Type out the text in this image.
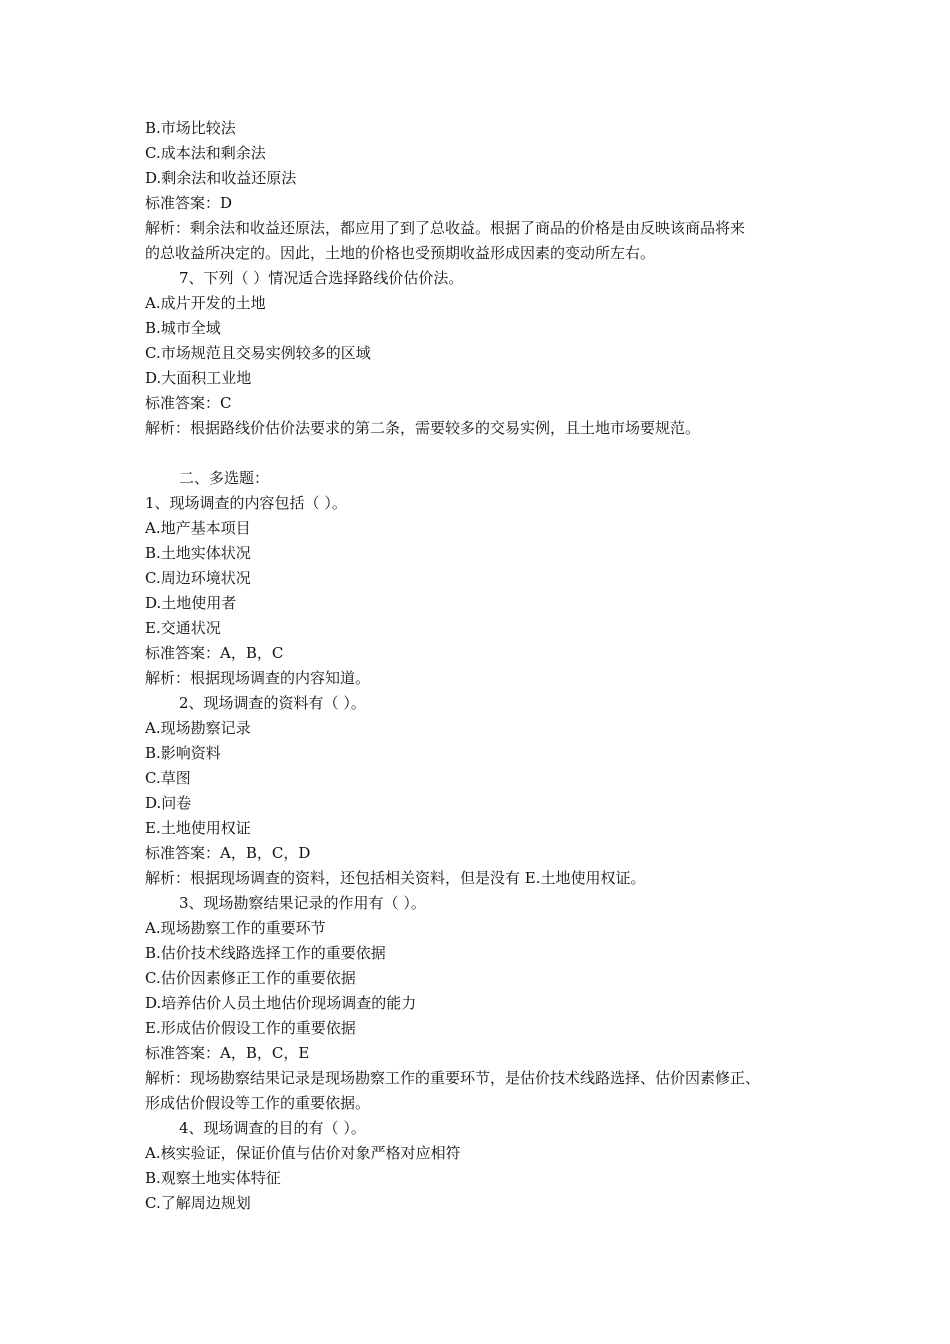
B.市场比较法
C.成本法和剩余法
D.剩余法和收益还原法
标准答案：D
解析：剩余法和收益还原法，都应用了到了总收益。根据了商品的价格是由反映该商品将来
的总收益所决定的。因此，土地的价格也受预期收益形成因素的变动所左右。
7、下列（ ）情况适合选择路线价估价法。
A.成片开发的土地
B.城市全域
C.市场规范且交易实例较多的区域
D.大面积工业地
标准答案：C
解析：根据路线价估价法要求的第二条，需要较多的交易实例，且土地市场要规范。
二、多选题：
1、现场调查的内容包括（ ）。
A.地产基本项目
B.土地实体状况
C.周边环境状况
D.土地使用者
E.交通状况
标准答案：A，B，C
解析：根据现场调查的内容知道。
2、现场调查的资料有（ ）。
A.现场勘察记录
B.影响资料
C.草图
D.问卷
E.土地使用权证
标准答案：A，B，C，D
解析：根据现场调查的资料，还包括相关资料，但是没有 E.土地使用权证。
3、现场勘察结果记录的作用有（ ）。
A.现场勘察工作的重要环节
B.估价技术线路选择工作的重要依据
C.估价因素修正工作的重要依据
D.培养估价人员土地估价现场调查的能力
E.形成估价假设工作的重要依据
标准答案：A，B，C，E
解析：现场勘察结果记录是现场勘察工作的重要环节，是估价技术线路选择、估价因素修正、
形成估价假设等工作的重要依据。
4、现场调查的目的有（ ）。
A.核实验证，保证价值与估价对象严格对应相符
B.观察土地实体特征
C.了解周边规划
